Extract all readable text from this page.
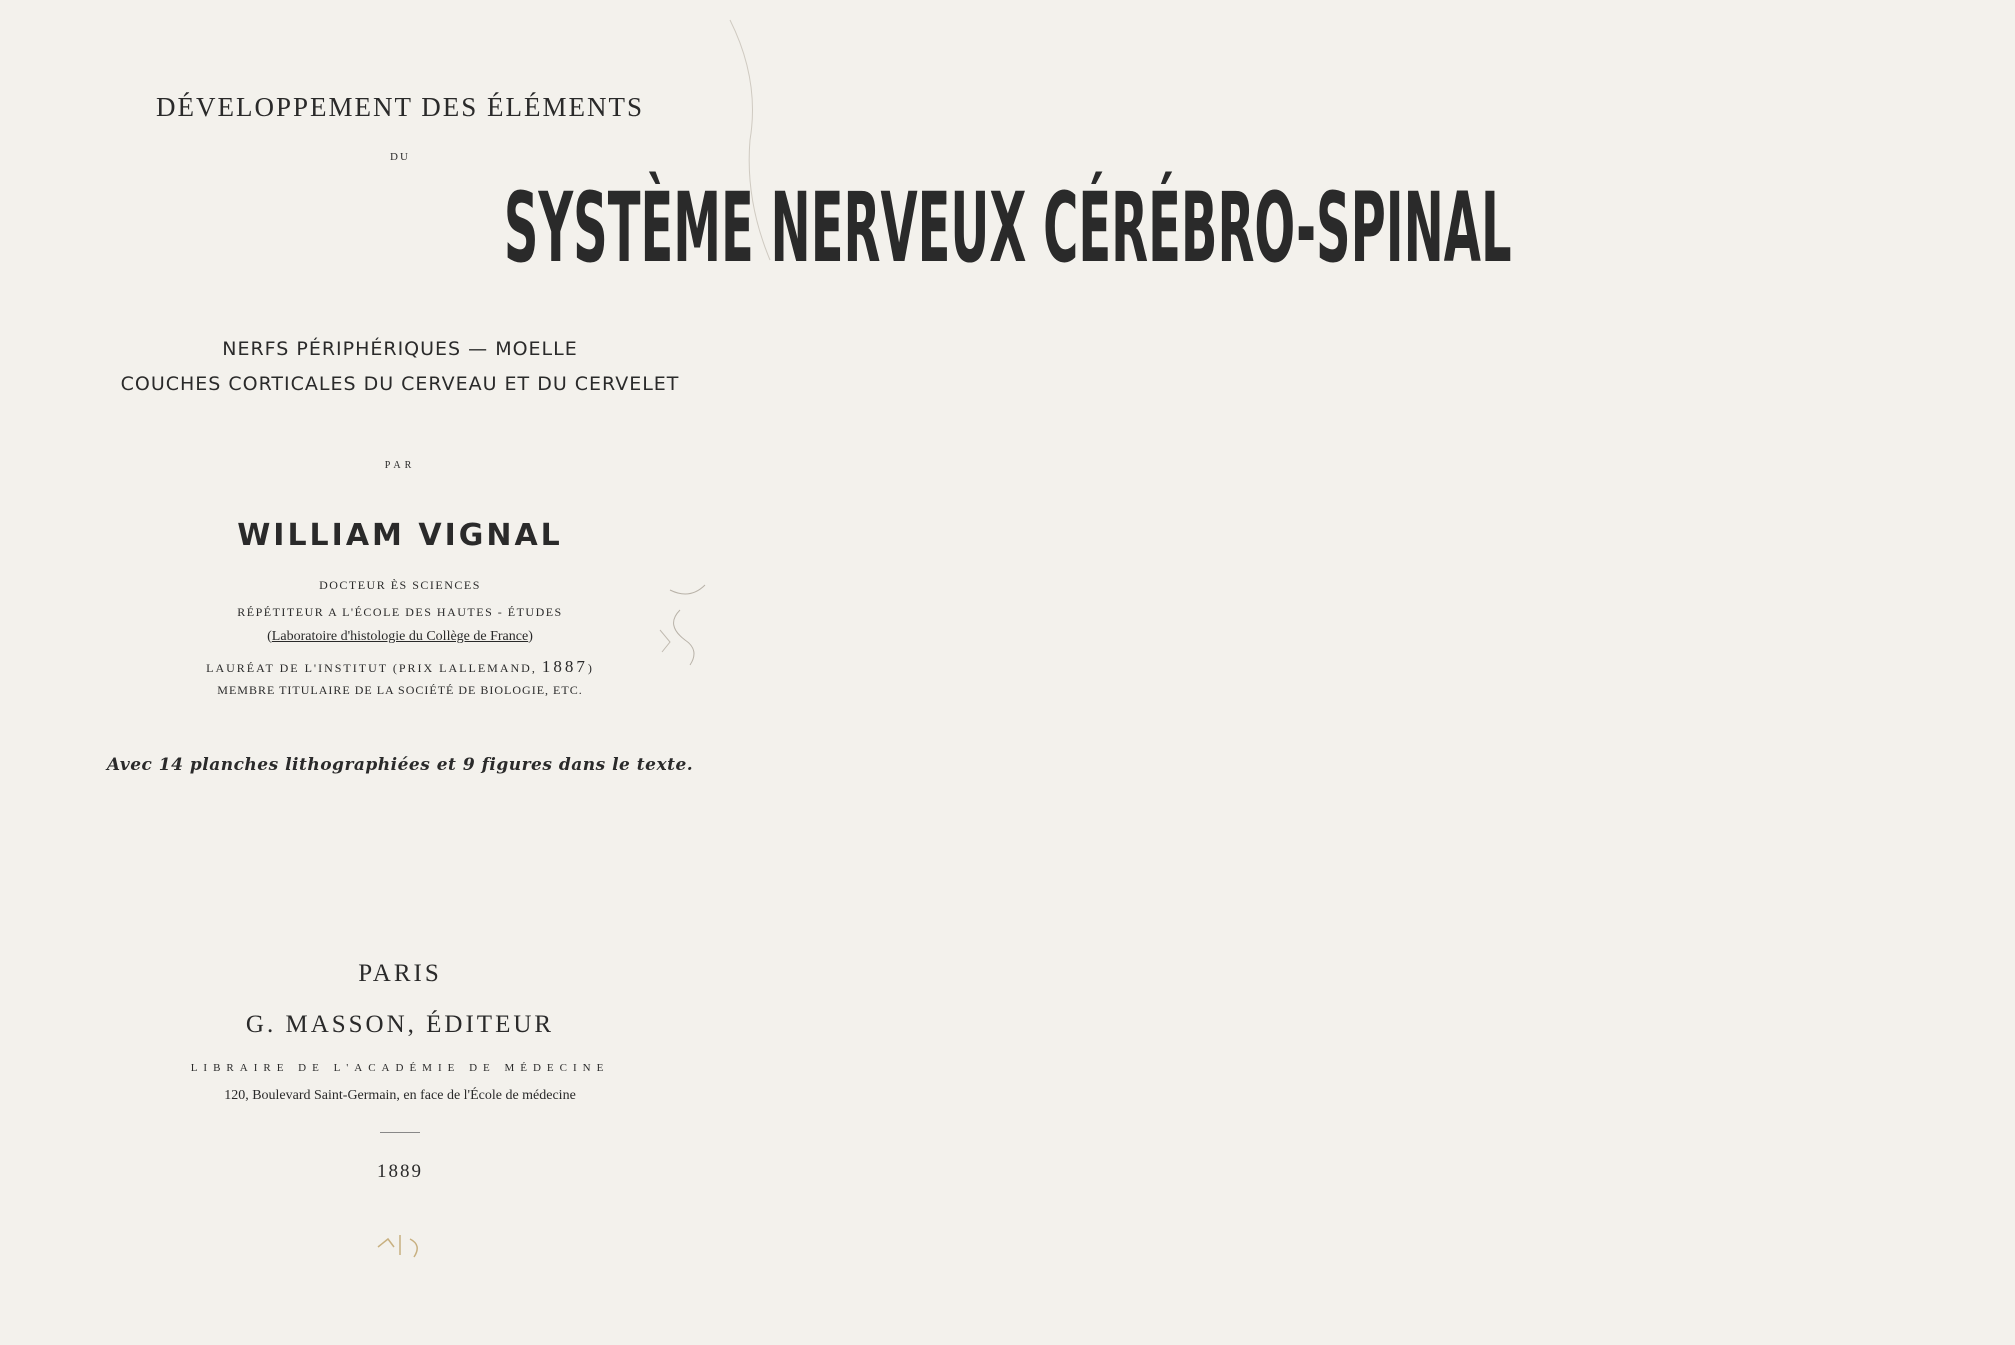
DÉVELOPPEMENT DES ÉLÉMENTS
DU
SYSTÈME NERVEUX CÉRÉBRO-SPINAL
NERFS PÉRIPHÉRIQUES — MOELLE
COUCHES CORTICALES DU CERVEAU ET DU CERVELET
PAR
WILLIAM VIGNAL
DOCTEUR ÈS SCIENCES
RÉPÉTITEUR A L'ÉCOLE DES HAUTES - ÉTUDES
(Laboratoire d'histologie du Collège de France)
LAURÉAT DE L'INSTITUT (PRIX LALLEMAND, 1887)
MEMBRE TITULAIRE DE LA SOCIÉTÉ DE BIOLOGIE, ETC.
Avec 14 planches lithographiées et 9 figures dans le texte.
PARIS
G. MASSON, ÉDITEUR
LIBRAIRE DE L'ACADÉMIE DE MÉDECINE
120, Boulevard Saint-Germain, en face de l'École de médecine
1889
